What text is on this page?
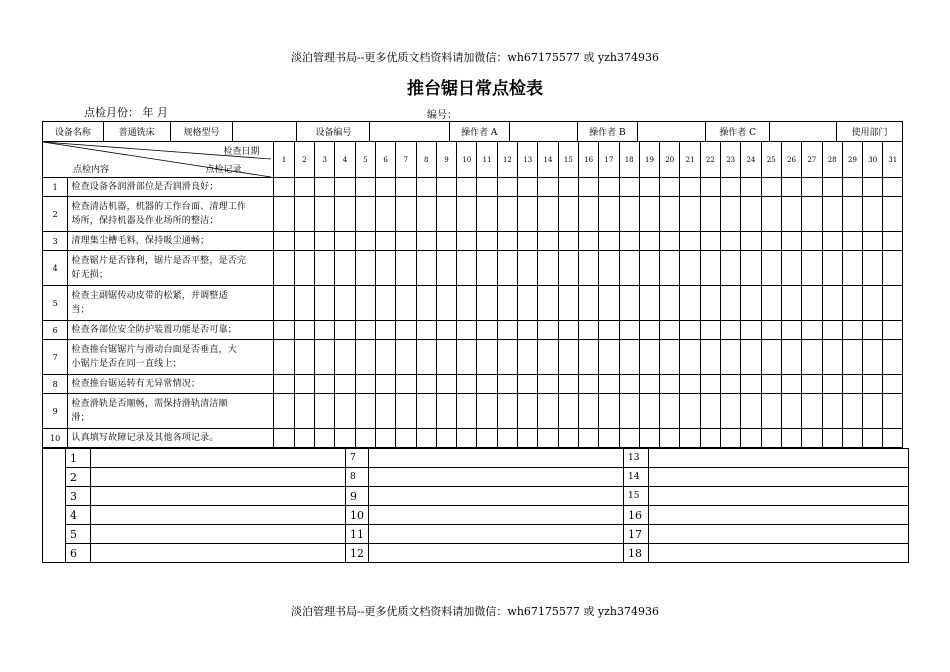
淡泊管理书局--更多优质文档资料请加微信：wh67175577 或 yzh374936
推台锯日常点检表
点检月份： 年 月	编号：
设备名称	普通铣床	规格型号		设备编号		操作者 A		操作者 B		操作者 C		使用部门
检查日期
点检内容 点检记录		1	2	3	4	5	6	7	8	9	10	11	12	13	14	15	16	17	18	19	20	21	22	23	24	25	26	27	28	29	30	31
1	检查设备各润滑部位是否润滑良好；																															

2	检查清洁机器，机器的工作台面、清理工作
场所，保持机器及作业场所的整洁；																															

3	清理集尘槽毛料，保持吸尘通畅；																															

4	检查锯片是否锋利，锯片是否平整，是否完
好无损；																															

5	检查主副锯传动皮带的松紧，并调整适
当；																															

6	检查各部位安全防护装置功能是否可靠；																															

7	检查推台锯锯片与滑动台面是否垂直，大
小锯片是否在同一直线上；																															

8	检查推台锯运转有无异常情况；																															

9	检查滑轨是否顺畅，需保持滑轨清洁顺
滑；																															

10	认真填写故障记录及其他各项记录。																															

	1		7		13	
	2		8		14	
	3		9		15	
	4		10		16	
	5		11		17	
	6		12		18	
淡泊管理书局--更多优质文档资料请加微信：wh67175577 或 yzh374936
